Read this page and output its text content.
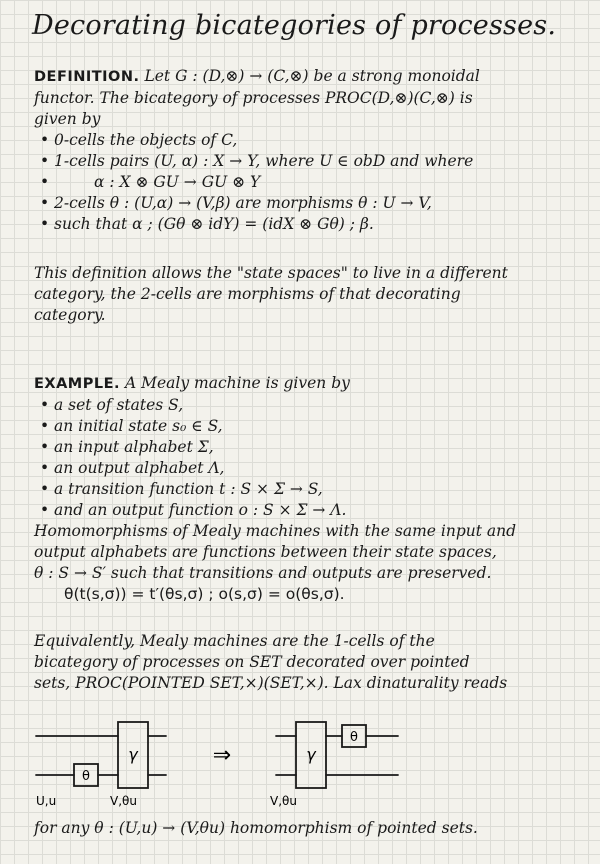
Decorating bicategories of processes.
DEFINITION. Let G : (D,⊗) → (C,⊗) be a strong monoidal
functor. The bicategory of processes PROC(D,⊗)(C,⊗) is
given by
• 0-cells the objects of C,
• 1-cells pairs (U, α) : X → Y, where U ∈ obD and where
• α : X ⊗ GU → GU ⊗ Y
• 2-cells θ : (U,α) → (V,β) are morphisms θ : U → V,
• such that α ; (Gθ ⊗ idY) = (idX ⊗ Gθ) ; β.
This definition allows the "state spaces" to live in a different
category, the 2-cells are morphisms of that decorating
category.
EXAMPLE. A Mealy machine is given by
• a set of states S,
• an initial state s₀ ∈ S,
• an input alphabet Σ,
• an output alphabet Λ,
• a transition function t : S × Σ → S,
• and an output function o : S × Σ → Λ.
Homomorphisms of Mealy machines with the same input and
output alphabets are functions between their state spaces,
θ : S → S′ such that transitions and outputs are preserved.
θ(t(s,σ)) = t′(θs,σ) ; o(s,σ) = o(θs,σ).
Equivalently, Mealy machines are the 1-cells of the
bicategory of processes on SET decorated over pointed
sets, PROC(POINTED SET,×)(SET,×). Lax dinaturality reads
θ
γ	⇒	γ
θ
U,u	V,θu	V,θu
for any θ : (U,u) → (V,θu) homomorphism of pointed sets.
